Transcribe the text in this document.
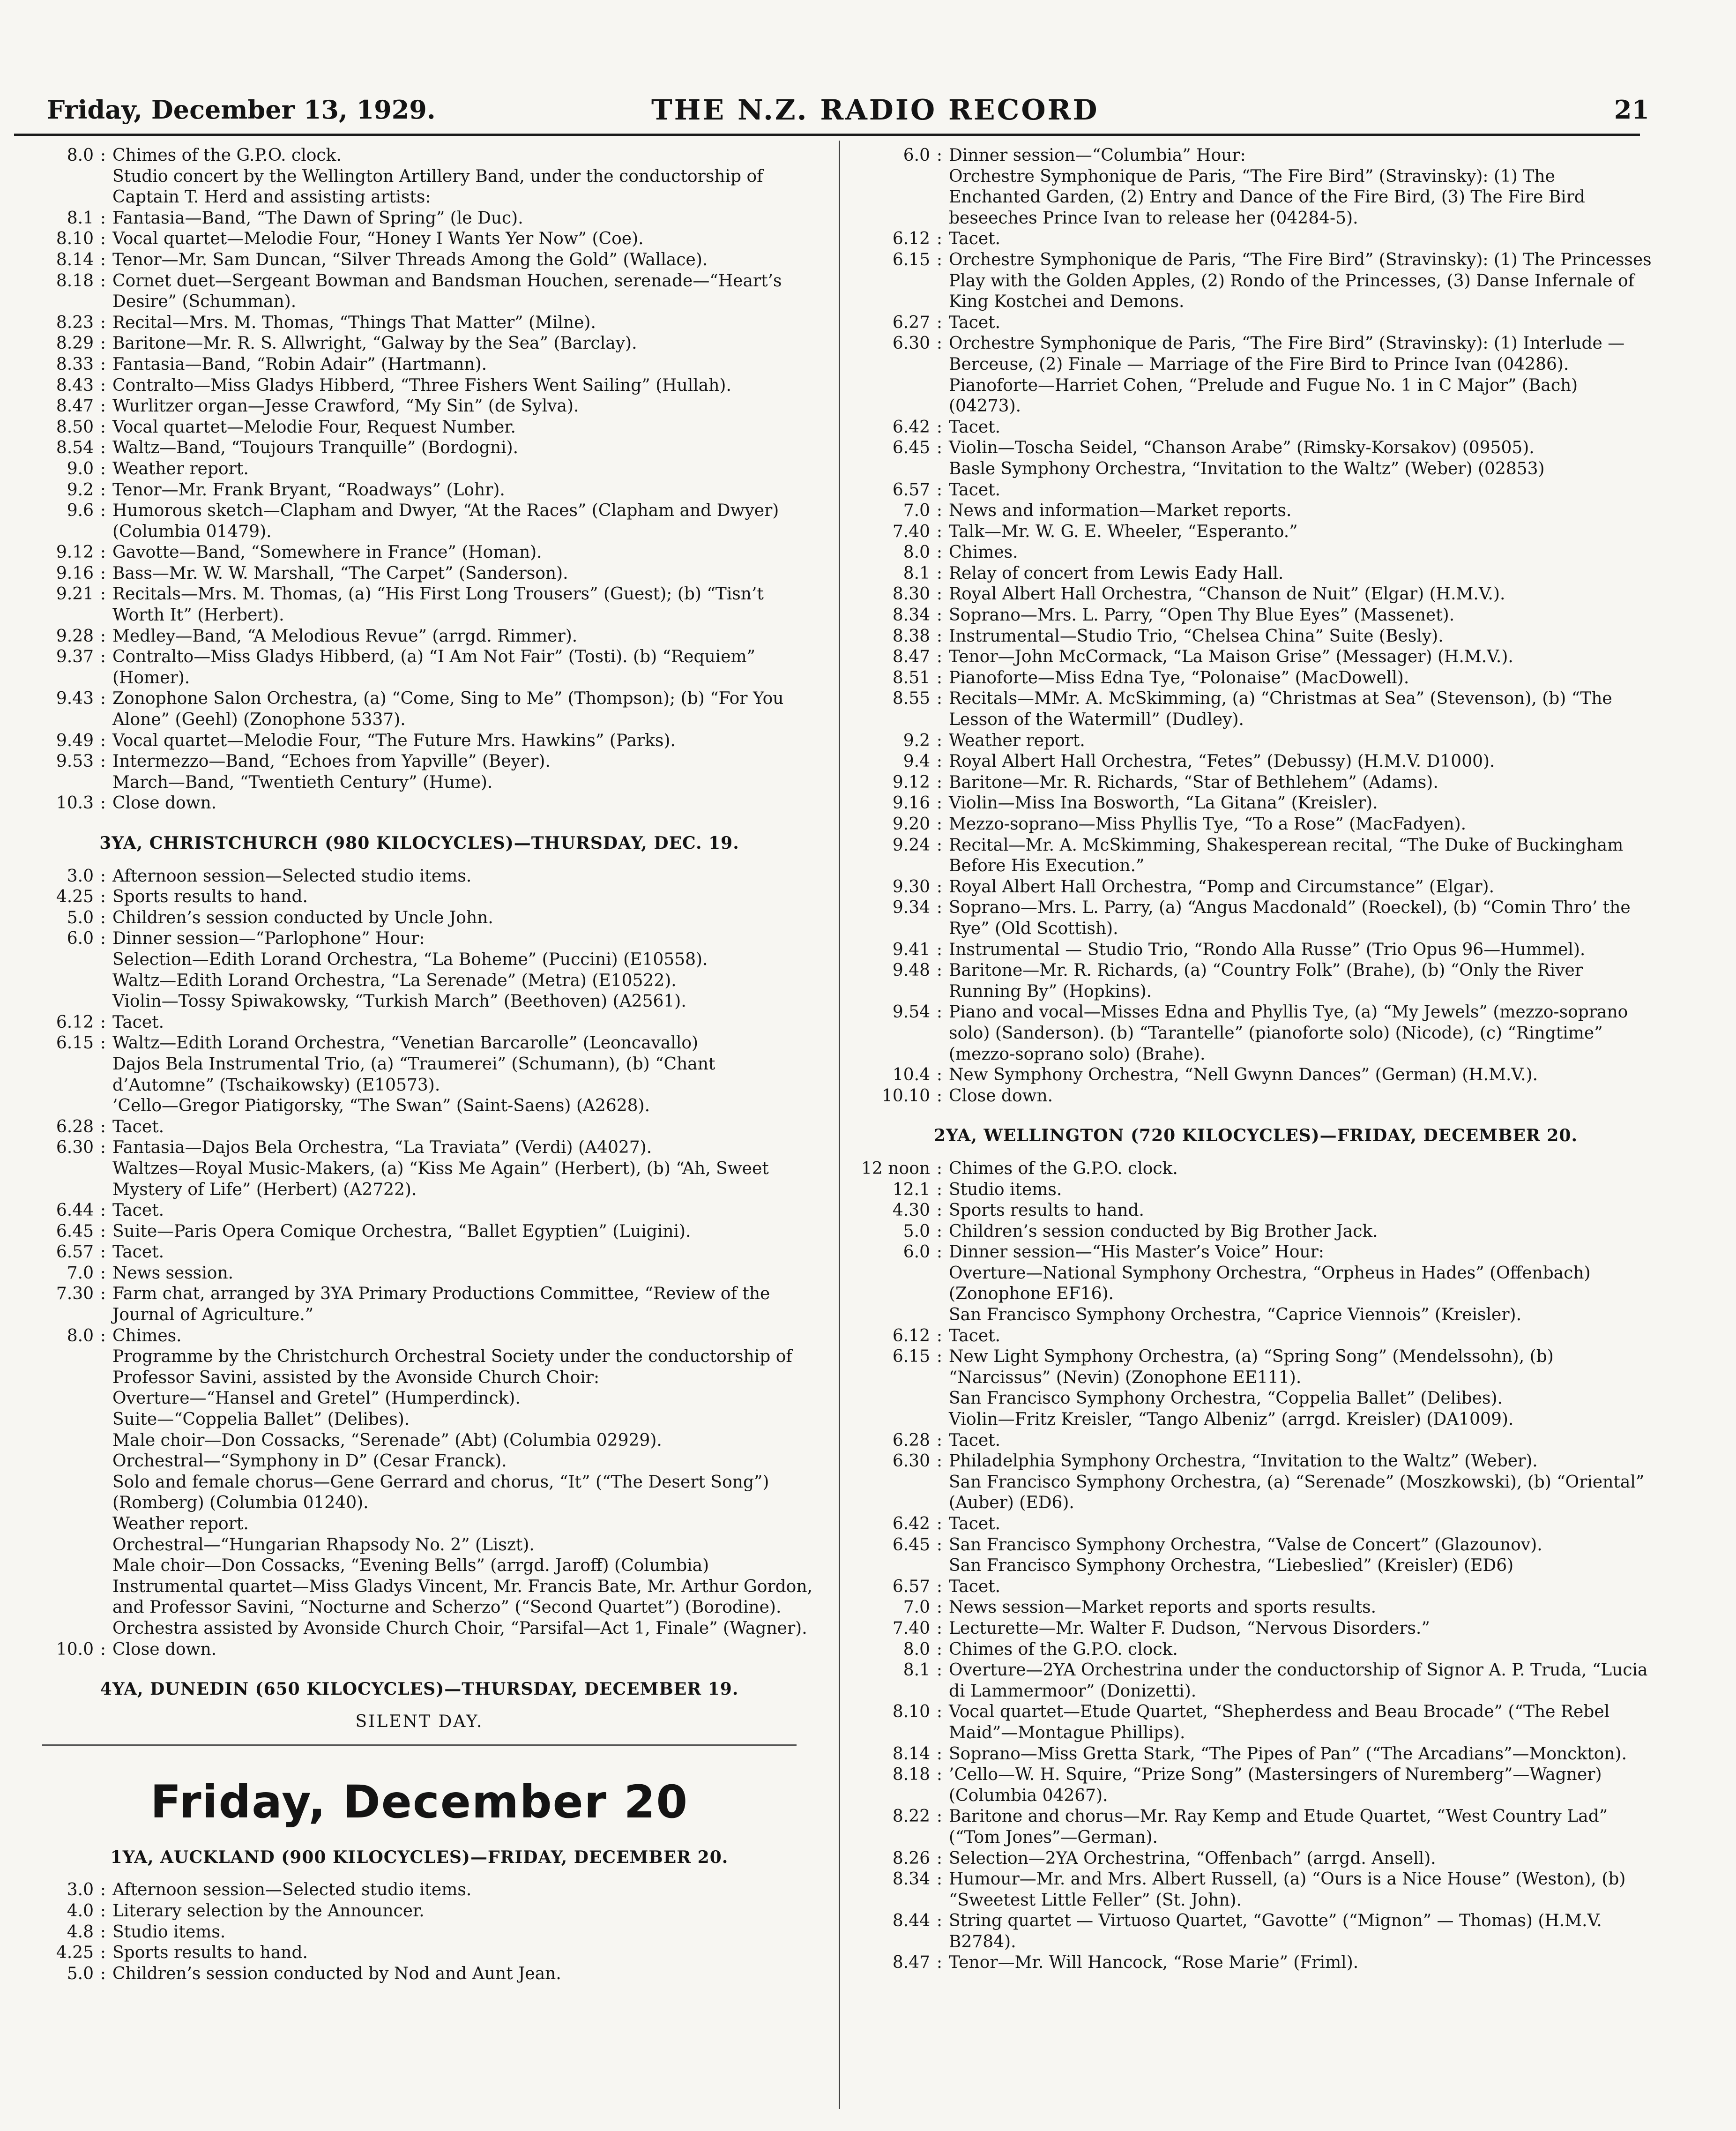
Friday, December 13, 1929.	THE N.Z. RADIO RECORD	21
8.0 : Chimes of the G.P.O. clock.
Studio concert by the Wellington Artillery Band, under the conductorship of Captain T. Herd and assisting artists:
8.1 : Fantasia—Band, “The Dawn of Spring” (le Duc).
8.10 : Vocal quartet—Melodie Four, “Honey I Wants Yer Now” (Coe).
8.14 : Tenor—Mr. Sam Duncan, “Silver Threads Among the Gold” (Wallace).
8.18 : Cornet duet—Sergeant Bowman and Bandsman Houchen, serenade—“Heart’s Desire” (Schumman).
8.23 : Recital—Mrs. M. Thomas, “Things That Matter” (Milne).
8.29 : Baritone—Mr. R. S. Allwright, “Galway by the Sea” (Barclay).
8.33 : Fantasia—Band, “Robin Adair” (Hartmann).
8.43 : Contralto—Miss Gladys Hibberd, “Three Fishers Went Sailing” (Hullah).
8.47 : Wurlitzer organ—Jesse Crawford, “My Sin” (de Sylva).
8.50 : Vocal quartet—Melodie Four, Request Number.
8.54 : Waltz—Band, “Toujours Tranquille” (Bordogni).
9.0 : Weather report.
9.2 : Tenor—Mr. Frank Bryant, “Roadways” (Lohr).
9.6 : Humorous sketch—Clapham and Dwyer, “At the Races” (Clapham and Dwyer) (Columbia 01479).
9.12 : Gavotte—Band, “Somewhere in France” (Homan).
9.16 : Bass—Mr. W. W. Marshall, “The Carpet” (Sanderson).
9.21 : Recitals—Mrs. M. Thomas, (a) “His First Long Trousers” (Guest); (b) “Tisn’t Worth It” (Herbert).
9.28 : Medley—Band, “A Melodious Revue” (arrgd. Rimmer).
9.37 : Contralto—Miss Gladys Hibberd, (a) “I Am Not Fair” (Tosti). (b) “Requiem” (Homer).
9.43 : Zonophone Salon Orchestra, (a) “Come, Sing to Me” (Thompson); (b) “For You Alone” (Geehl) (Zonophone 5337).
9.49 : Vocal quartet—Melodie Four, “The Future Mrs. Hawkins” (Parks).
9.53 : Intermezzo—Band, “Echoes from Yapville” (Beyer).
March—Band, “Twentieth Century” (Hume).
10.3 : Close down.
3YA, CHRISTCHURCH (980 KILOCYCLES)—THURSDAY, DEC. 19.
3.0 : Afternoon session—Selected studio items.
4.25 : Sports results to hand.
5.0 : Children’s session conducted by Uncle John.
6.0 : Dinner session—“Parlophone” Hour:
Selection—Edith Lorand Orchestra, “La Boheme” (Puccini) (E10558).
Waltz—Edith Lorand Orchestra, “La Serenade” (Metra) (E10522).
Violin—Tossy Spiwakowsky, “Turkish March” (Beethoven) (A2561).
6.12 : Tacet.
6.15 : Waltz—Edith Lorand Orchestra, “Venetian Barcarolle” (Leoncavallo)
Dajos Bela Instrumental Trio, (a) “Traumerei” (Schumann), (b) “Chant d’Automne” (Tschaikowsky) (E10573).
’Cello—Gregor Piatigorsky, “The Swan” (Saint-Saens) (A2628).
6.28 : Tacet.
6.30 : Fantasia—Dajos Bela Orchestra, “La Traviata” (Verdi) (A4027).
Waltzes—Royal Music-Makers, (a) “Kiss Me Again” (Herbert), (b) “Ah, Sweet Mystery of Life” (Herbert) (A2722).
6.44 : Tacet.
6.45 : Suite—Paris Opera Comique Orchestra, “Ballet Egyptien” (Luigini).
6.57 : Tacet.
7.0 : News session.
7.30 : Farm chat, arranged by 3YA Primary Productions Committee, “Review of the Journal of Agriculture.”
8.0 : Chimes.
Programme by the Christchurch Orchestral Society under the conductorship of Professor Savini, assisted by the Avonside Church Choir:
Overture—“Hansel and Gretel” (Humperdinck).
Suite—“Coppelia Ballet” (Delibes).
Male choir—Don Cossacks, “Serenade” (Abt) (Columbia 02929).
Orchestral—“Symphony in D” (Cesar Franck).
Solo and female chorus—Gene Gerrard and chorus, “It” (“The Desert Song”) (Romberg) (Columbia 01240).
Weather report.
Orchestral—“Hungarian Rhapsody No. 2” (Liszt).
Male choir—Don Cossacks, “Evening Bells” (arrgd. Jaroff) (Columbia)
Instrumental quartet—Miss Gladys Vincent, Mr. Francis Bate, Mr. Arthur Gordon, and Professor Savini, “Nocturne and Scherzo” (“Second Quartet”) (Borodine).
Orchestra assisted by Avonside Church Choir, “Parsifal—Act 1, Finale” (Wagner).
10.0 : Close down.
4YA, DUNEDIN (650 KILOCYCLES)—THURSDAY, DECEMBER 19.
SILENT DAY.
Friday, December 20
1YA, AUCKLAND (900 KILOCYCLES)—FRIDAY, DECEMBER 20.
3.0 : Afternoon session—Selected studio items.
4.0 : Literary selection by the Announcer.
4.8 : Studio items.
4.25 : Sports results to hand.
5.0 : Children’s session conducted by Nod and Aunt Jean.
6.0 : Dinner session—“Columbia” Hour:
Orchestre Symphonique de Paris, “The Fire Bird” (Stravinsky): (1) The Enchanted Garden, (2) Entry and Dance of the Fire Bird, (3) The Fire Bird beseeches Prince Ivan to release her (04284-5).
6.12 : Tacet.
6.15 : Orchestre Symphonique de Paris, “The Fire Bird” (Stravinsky): (1) The Princesses Play with the Golden Apples, (2) Rondo of the Princesses, (3) Danse Infernale of King Kostchei and Demons.
6.27 : Tacet.
6.30 : Orchestre Symphonique de Paris, “The Fire Bird” (Stravinsky): (1) Interlude — Berceuse, (2) Finale — Marriage of the Fire Bird to Prince Ivan (04286).
Pianoforte—Harriet Cohen, “Prelude and Fugue No. 1 in C Major” (Bach) (04273).
6.42 : Tacet.
6.45 : Violin—Toscha Seidel, “Chanson Arabe” (Rimsky-Korsakov) (09505).
Basle Symphony Orchestra, “Invitation to the Waltz” (Weber) (02853)
6.57 : Tacet.
7.0 : News and information—Market reports.
7.40 : Talk—Mr. W. G. E. Wheeler, “Esperanto.”
8.0 : Chimes.
8.1 : Relay of concert from Lewis Eady Hall.
8.30 : Royal Albert Hall Orchestra, “Chanson de Nuit” (Elgar) (H.M.V.).
8.34 : Soprano—Mrs. L. Parry, “Open Thy Blue Eyes” (Massenet).
8.38 : Instrumental—Studio Trio, “Chelsea China” Suite (Besly).
8.47 : Tenor—John McCormack, “La Maison Grise” (Messager) (H.M.V.).
8.51 : Pianoforte—Miss Edna Tye, “Polonaise” (MacDowell).
8.55 : Recitals—MMr. A. McSkimming, (a) “Christmas at Sea” (Stevenson), (b) “The Lesson of the Watermill” (Dudley).
9.2 : Weather report.
9.4 : Royal Albert Hall Orchestra, “Fetes” (Debussy) (H.M.V. D1000).
9.12 : Baritone—Mr. R. Richards, “Star of Bethlehem” (Adams).
9.16 : Violin—Miss Ina Bosworth, “La Gitana” (Kreisler).
9.20 : Mezzo-soprano—Miss Phyllis Tye, “To a Rose” (MacFadyen).
9.24 : Recital—Mr. A. McSkimming, Shakesperean recital, “The Duke of Buckingham Before His Execution.”
9.30 : Royal Albert Hall Orchestra, “Pomp and Circumstance” (Elgar).
9.34 : Soprano—Mrs. L. Parry, (a) “Angus Macdonald” (Roeckel), (b) “Comin Thro’ the Rye” (Old Scottish).
9.41 : Instrumental — Studio Trio, “Rondo Alla Russe” (Trio Opus 96—Hummel).
9.48 : Baritone—Mr. R. Richards, (a) “Country Folk” (Brahe), (b) “Only the River Running By” (Hopkins).
9.54 : Piano and vocal—Misses Edna and Phyllis Tye, (a) “My Jewels” (mezzo-soprano solo) (Sanderson). (b) “Tarantelle” (pianoforte solo) (Nicode), (c) “Ringtime” (mezzo-soprano solo) (Brahe).
10.4 : New Symphony Orchestra, “Nell Gwynn Dances” (German) (H.M.V.).
10.10 : Close down.
2YA, WELLINGTON (720 KILOCYCLES)—FRIDAY, DECEMBER 20.
12 noon : Chimes of the G.P.O. clock.
12.1 : Studio items.
4.30 : Sports results to hand.
5.0 : Children’s session conducted by Big Brother Jack.
6.0 : Dinner session—“His Master’s Voice” Hour:
Overture—National Symphony Orchestra, “Orpheus in Hades” (Offenbach) (Zonophone EF16).
San Francisco Symphony Orchestra, “Caprice Viennois” (Kreisler).
6.12 : Tacet.
6.15 : New Light Symphony Orchestra, (a) “Spring Song” (Mendelssohn), (b) “Narcissus” (Nevin) (Zonophone EE111).
San Francisco Symphony Orchestra, “Coppelia Ballet” (Delibes).
Violin—Fritz Kreisler, “Tango Albeniz” (arrgd. Kreisler) (DA1009).
6.28 : Tacet.
6.30 : Philadelphia Symphony Orchestra, “Invitation to the Waltz” (Weber).
San Francisco Symphony Orchestra, (a) “Serenade” (Moszkowski), (b) “Oriental” (Auber) (ED6).
6.42 : Tacet.
6.45 : San Francisco Symphony Orchestra, “Valse de Concert” (Glazounov).
San Francisco Symphony Orchestra, “Liebeslied” (Kreisler) (ED6)
6.57 : Tacet.
7.0 : News session—Market reports and sports results.
7.40 : Lecturette—Mr. Walter F. Dudson, “Nervous Disorders.”
8.0 : Chimes of the G.P.O. clock.
8.1 : Overture—2YA Orchestrina under the conductorship of Signor A. P. Truda, “Lucia di Lammermoor” (Donizetti).
8.10 : Vocal quartet—Etude Quartet, “Shepherdess and Beau Brocade” (“The Rebel Maid”—Montague Phillips).
8.14 : Soprano—Miss Gretta Stark, “The Pipes of Pan” (“The Arcadians”—Monckton).
8.18 : ’Cello—W. H. Squire, “Prize Song” (Mastersingers of Nuremberg”—Wagner) (Columbia 04267).
8.22 : Baritone and chorus—Mr. Ray Kemp and Etude Quartet, “West Country Lad” (“Tom Jones”—German).
8.26 : Selection—2YA Orchestrina, “Offenbach” (arrgd. Ansell).
8.34 : Humour—Mr. and Mrs. Albert Russell, (a) “Ours is a Nice House” (Weston), (b) “Sweetest Little Feller” (St. John).
8.44 : String quartet — Virtuoso Quartet, “Gavotte” (“Mignon” — Thomas) (H.M.V. B2784).
8.47 : Tenor—Mr. Will Hancock, “Rose Marie” (Friml).
